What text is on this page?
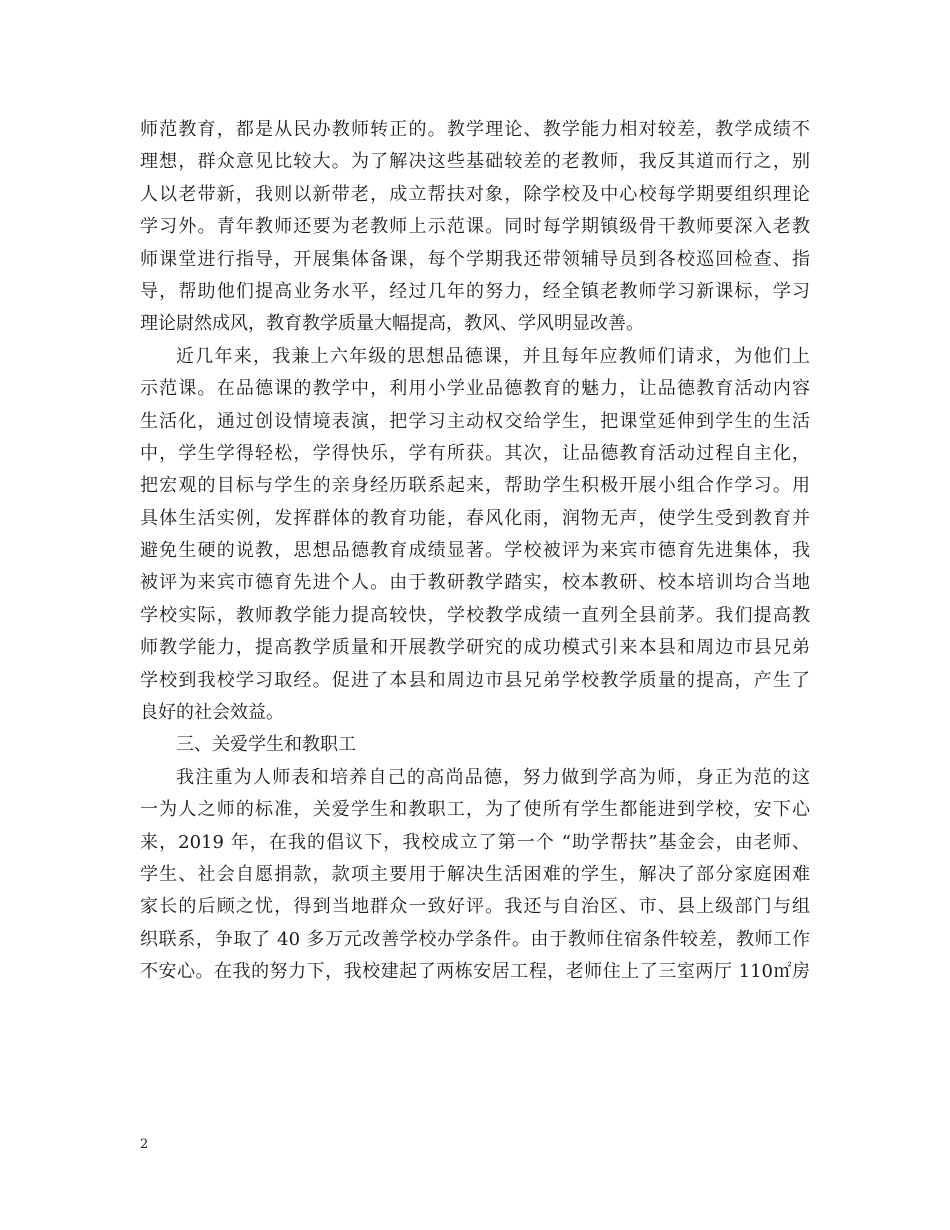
师范教育，都是从民办教师转正的。教学理论、教学能力相对较差，教学成绩不
理想，群众意见比较大。为了解决这些基础较差的老教师，我反其道而行之，别
人以老带新，我则以新带老，成立帮扶对象，除学校及中心校每学期要组织理论
学习外。青年教师还要为老教师上示范课。同时每学期镇级骨干教师要深入老教
师课堂进行指导，开展集体备课，每个学期我还带领辅导员到各校巡回检查、指
导，帮助他们提高业务水平，经过几年的努力，经全镇老教师学习新课标，学习
理论尉然成风，教育教学质量大幅提高，教风、学风明显改善。
近几年来，我兼上六年级的思想品德课，并且每年应教师们请求，为他们上
示范课。在品德课的教学中，利用小学业品德教育的魅力，让品德教育活动内容
生活化，通过创设情境表演，把学习主动权交给学生，把课堂延伸到学生的生活
中，学生学得轻松，学得快乐，学有所获。其次，让品德教育活动过程自主化，
把宏观的目标与学生的亲身经历联系起来，帮助学生积极开展小组合作学习。用
具体生活实例，发挥群体的教育功能，春风化雨，润物无声，使学生受到教育并
避免生硬的说教，思想品德教育成绩显著。学校被评为来宾市德育先进集体，我
被评为来宾市德育先进个人。由于教研教学踏实，校本教研、校本培训均合当地
学校实际，教师教学能力提高较快，学校教学成绩一直列全县前茅。我们提高教
师教学能力，提高教学质量和开展教学研究的成功模式引来本县和周边市县兄弟
学校到我校学习取经。促进了本县和周边市县兄弟学校教学质量的提高，产生了
良好的社会效益。
三、关爱学生和教职工
我注重为人师表和培养自己的高尚品德，努力做到学高为师，身正为范的这
一为人之师的标准，关爱学生和教职工，为了使所有学生都能进到学校，安下心
来，2019 年，在我的倡议下，我校成立了第一个 “助学帮扶”基金会，由老师、
学生、社会自愿捐款，款项主要用于解决生活困难的学生，解决了部分家庭困难
家长的后顾之忧，得到当地群众一致好评。我还与自治区、市、县上级部门与组
织联系，争取了 40 多万元改善学校办学条件。由于教师住宿条件较差，教师工作
不安心。在我的努力下，我校建起了两栋安居工程，老师住上了三室两厅 110㎡房
2
